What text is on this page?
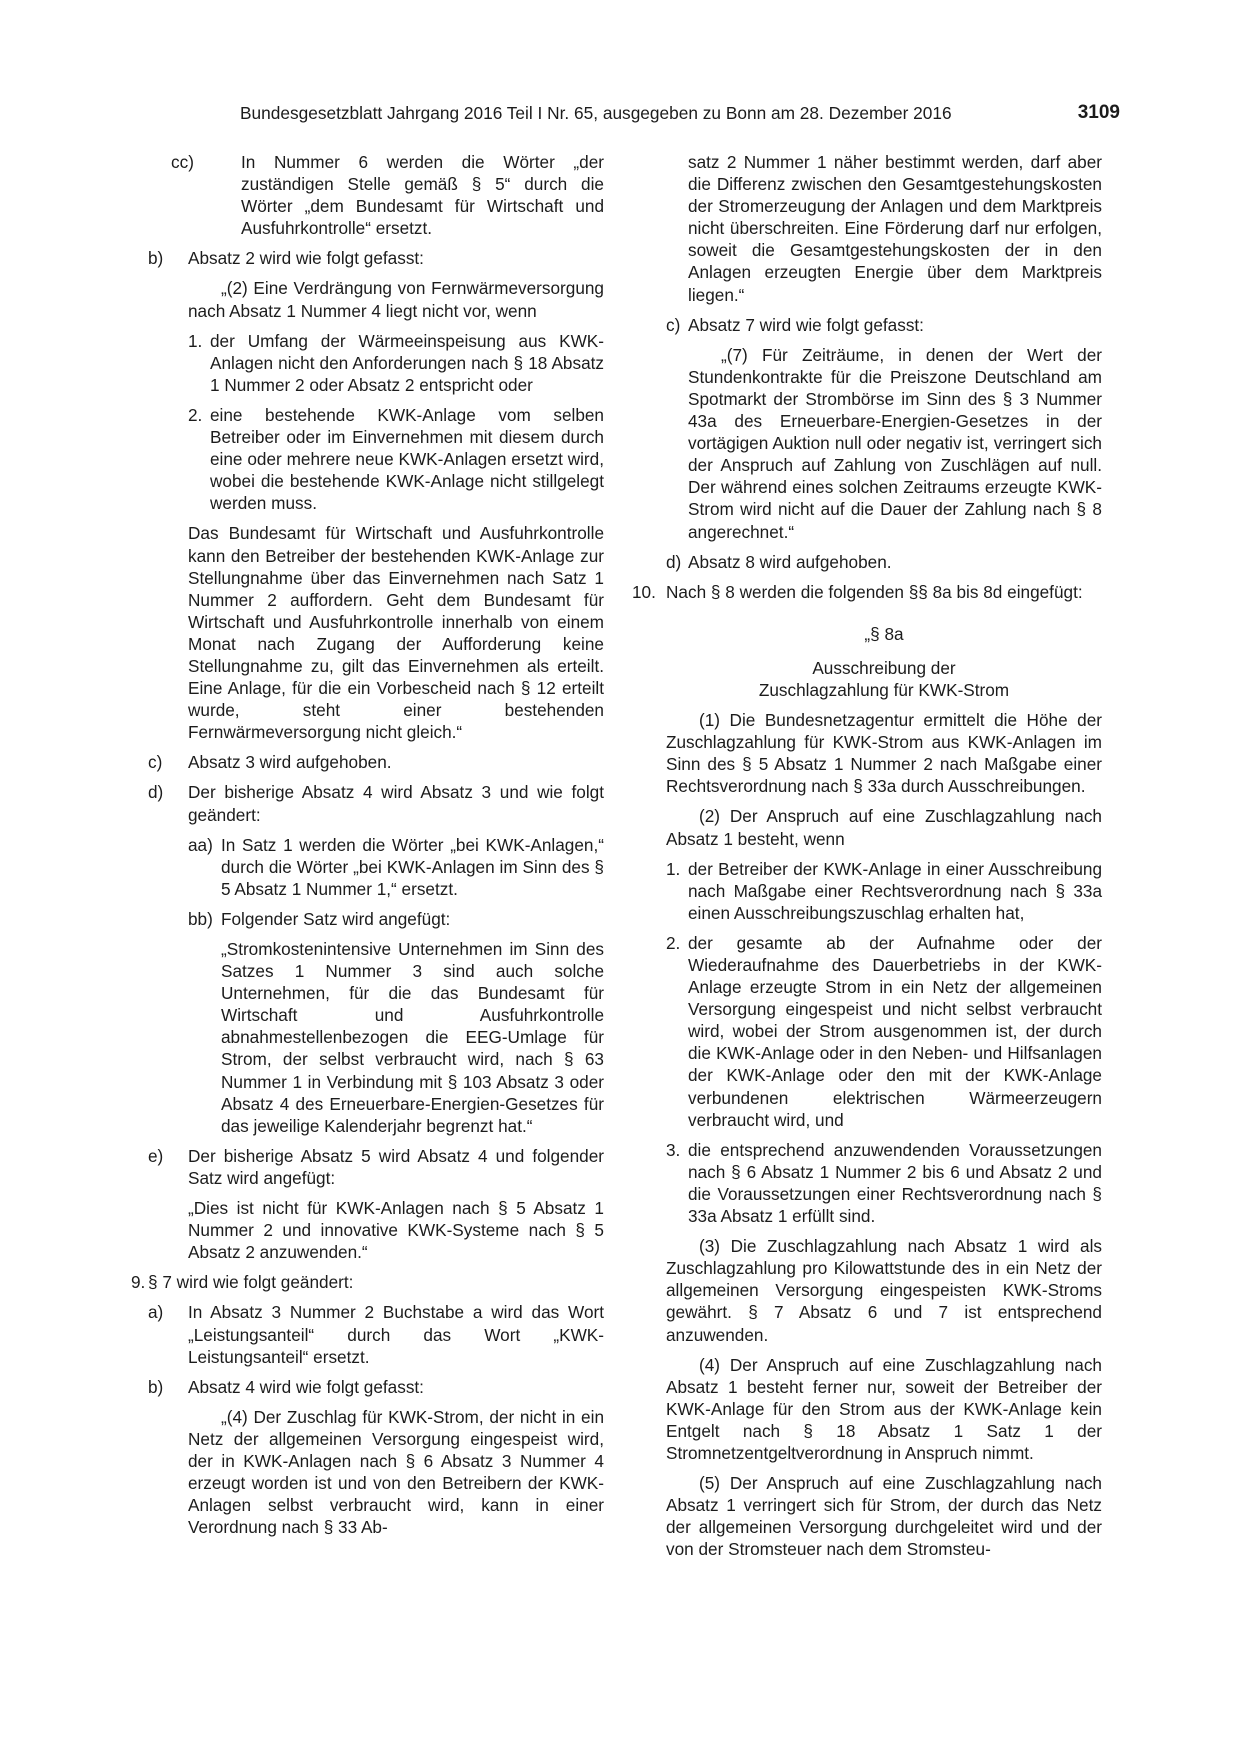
Bundesgesetzblatt Jahrgang 2016 Teil I Nr. 65, ausgegeben zu Bonn am 28. Dezember 2016	3109
cc)	In Nummer 6 werden die Wörter „der zuständigen Stelle gemäß § 5“ durch die Wörter „dem Bundesamt für Wirtschaft und Ausfuhrkontrolle“ ersetzt.
b)	Absatz 2 wird wie folgt gefasst:
„(2) Eine Verdrängung von Fernwärmeversorgung nach Absatz 1 Nummer 4 liegt nicht vor, wenn
1. der Umfang der Wärmeeinspeisung aus KWK-Anlagen nicht den Anforderungen nach § 18 Absatz 1 Nummer 2 oder Absatz 2 entspricht oder
2. eine bestehende KWK-Anlage vom selben Betreiber oder im Einvernehmen mit diesem durch eine oder mehrere neue KWK-Anlagen ersetzt wird, wobei die bestehende KWK-Anlage nicht stillgelegt werden muss.
Das Bundesamt für Wirtschaft und Ausfuhrkontrolle kann den Betreiber der bestehenden KWK-Anlage zur Stellungnahme über das Einvernehmen nach Satz 1 Nummer 2 auffordern. Geht dem Bundesamt für Wirtschaft und Ausfuhrkontrolle innerhalb von einem Monat nach Zugang der Aufforderung keine Stellungnahme zu, gilt das Einvernehmen als erteilt. Eine Anlage, für die ein Vorbescheid nach § 12 erteilt wurde, steht einer bestehenden Fernwärmeversorgung nicht gleich.“
c)	Absatz 3 wird aufgehoben.
d)	Der bisherige Absatz 4 wird Absatz 3 und wie folgt geändert:
aa) In Satz 1 werden die Wörter „bei KWK-Anlagen,“ durch die Wörter „bei KWK-Anlagen im Sinn des § 5 Absatz 1 Nummer 1,“ ersetzt.
bb) Folgender Satz wird angefügt:
„Stromkostenintensive Unternehmen im Sinn des Satzes 1 Nummer 3 sind auch solche Unternehmen, für die das Bundesamt für Wirtschaft und Ausfuhrkontrolle abnahmestellenbezogen die EEG-Umlage für Strom, der selbst verbraucht wird, nach § 63 Nummer 1 in Verbindung mit § 103 Absatz 3 oder Absatz 4 des Erneuerbare-Energien-Gesetzes für das jeweilige Kalenderjahr begrenzt hat.“
e)	Der bisherige Absatz 5 wird Absatz 4 und folgender Satz wird angefügt:
„Dies ist nicht für KWK-Anlagen nach § 5 Absatz 1 Nummer 2 und innovative KWK-Systeme nach § 5 Absatz 2 anzuwenden.“
9. § 7 wird wie folgt geändert:
a)	In Absatz 3 Nummer 2 Buchstabe a wird das Wort „Leistungsanteil“ durch das Wort „KWK-Leistungsanteil“ ersetzt.
b)	Absatz 4 wird wie folgt gefasst:
„(4) Der Zuschlag für KWK-Strom, der nicht in ein Netz der allgemeinen Versorgung eingespeist wird, der in KWK-Anlagen nach § 6 Absatz 3 Nummer 4 erzeugt worden ist und von den Betreibern der KWK-Anlagen selbst verbraucht wird, kann in einer Verordnung nach § 33 Ab-
satz 2 Nummer 1 näher bestimmt werden, darf aber die Differenz zwischen den Gesamtgestehungskosten der Stromerzeugung der Anlagen und dem Marktpreis nicht überschreiten. Eine Förderung darf nur erfolgen, soweit die Gesamtgestehungskosten der in den Anlagen erzeugten Energie über dem Marktpreis liegen.“
c) Absatz 7 wird wie folgt gefasst:
„(7) Für Zeiträume, in denen der Wert der Stundenkontrakte für die Preiszone Deutschland am Spotmarkt der Strombörse im Sinn des § 3 Nummer 43a des Erneuerbare-Energien-Gesetzes in der vortägigen Auktion null oder negativ ist, verringert sich der Anspruch auf Zahlung von Zuschlägen auf null. Der während eines solchen Zeitraums erzeugte KWK-Strom wird nicht auf die Dauer der Zahlung nach § 8 angerechnet.“
d) Absatz 8 wird aufgehoben.
10. Nach § 8 werden die folgenden §§ 8a bis 8d eingefügt:

„§ 8a

Ausschreibung der

Zuschlagzahlung für KWK-Strom

(1) Die Bundesnetzagentur ermittelt die Höhe der Zuschlagzahlung für KWK-Strom aus KWK-Anlagen im Sinn des § 5 Absatz 1 Nummer 2 nach Maßgabe einer Rechtsverordnung nach § 33a durch Ausschreibungen.
(2) Der Anspruch auf eine Zuschlagzahlung nach Absatz 1 besteht, wenn
1. der Betreiber der KWK-Anlage in einer Ausschreibung nach Maßgabe einer Rechtsverordnung nach § 33a einen Ausschreibungszuschlag erhalten hat,
2. der gesamte ab der Aufnahme oder der Wiederaufnahme des Dauerbetriebs in der KWK-Anlage erzeugte Strom in ein Netz der allgemeinen Versorgung eingespeist und nicht selbst verbraucht wird, wobei der Strom ausgenommen ist, der durch die KWK-Anlage oder in den Neben- und Hilfsanlagen der KWK-Anlage oder den mit der KWK-Anlage verbundenen elektrischen Wärmeerzeugern verbraucht wird, und
3. die entsprechend anzuwendenden Voraussetzungen nach § 6 Absatz 1 Nummer 2 bis 6 und Absatz 2 und die Voraussetzungen einer Rechtsverordnung nach § 33a Absatz 1 erfüllt sind.
(3) Die Zuschlagzahlung nach Absatz 1 wird als Zuschlagzahlung pro Kilowattstunde des in ein Netz der allgemeinen Versorgung eingespeisten KWK-Stroms gewährt. § 7 Absatz 6 und 7 ist entsprechend anzuwenden.
(4) Der Anspruch auf eine Zuschlagzahlung nach Absatz 1 besteht ferner nur, soweit der Betreiber der KWK-Anlage für den Strom aus der KWK-Anlage kein Entgelt nach § 18 Absatz 1 Satz 1 der Stromnetzentgeltverordnung in Anspruch nimmt.
(5) Der Anspruch auf eine Zuschlagzahlung nach Absatz 1 verringert sich für Strom, der durch das Netz der allgemeinen Versorgung durchgeleitet wird und der von der Stromsteuer nach dem Stromsteu-
